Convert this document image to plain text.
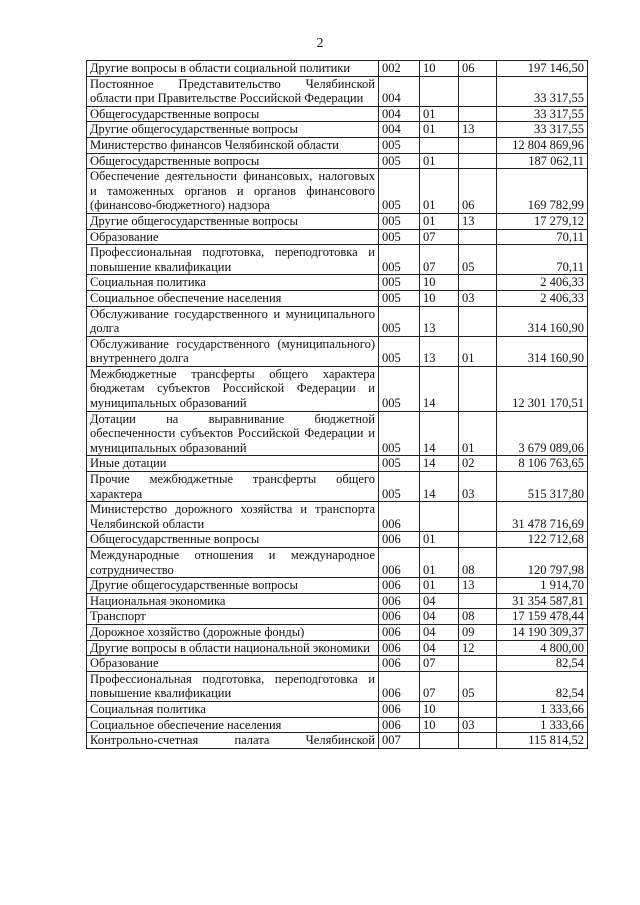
2
Другие вопросы в области социальной политики	002	10	06	197 146,50
Постоянное Представительство Челябинской области при Правительстве Российской Федерации	004			33 317,55
Общегосударственные вопросы	004	01		33 317,55
Другие общегосударственные вопросы	004	01	13	33 317,55
Министерство финансов Челябинской области	005			12 804 869,96
Общегосударственные вопросы	005	01		187 062,11
Обеспечение деятельности финансовых, налоговых и таможенных органов и органов финансового (финансово-бюджетного) надзора	005	01	06	169 782,99
Другие общегосударственные вопросы	005	01	13	17 279,12
Образование	005	07		70,11
Профессиональная подготовка, переподготовка и повышение квалификации	005	07	05	70,11
Социальная политика	005	10		2 406,33
Социальное обеспечение населения	005	10	03	2 406,33
Обслуживание государственного и муниципального долга	005	13		314 160,90
Обслуживание государственного (муниципального) внутреннего долга	005	13	01	314 160,90
Межбюджетные трансферты общего характера бюджетам субъектов Российской Федерации и муниципальных образований	005	14		12 301 170,51
Дотации на выравнивание бюджетной обеспеченности субъектов Российской Федерации и муниципальных образований	005	14	01	3 679 089,06
Иные дотации	005	14	02	8 106 763,65
Прочие межбюджетные трансферты общего характера	005	14	03	515 317,80
Министерство дорожного хозяйства и транспорта Челябинской области	006			31 478 716,69
Общегосударственные вопросы	006	01		122 712,68
Международные отношения и международное сотрудничество	006	01	08	120 797,98
Другие общегосударственные вопросы	006	01	13	1 914,70
Национальная экономика	006	04		31 354 587,81
Транспорт	006	04	08	17 159 478,44
Дорожное хозяйство (дорожные фонды)	006	04	09	14 190 309,37
Другие вопросы в области национальной экономики	006	04	12	4 800,00
Образование	006	07		82,54
Профессиональная подготовка, переподготовка и повышение квалификации	006	07	05	82,54
Социальная политика	006	10		1 333,66
Социальное обеспечение населения	006	10	03	1 333,66
Контрольно-счетная палата Челябинской	007			115 814,52
